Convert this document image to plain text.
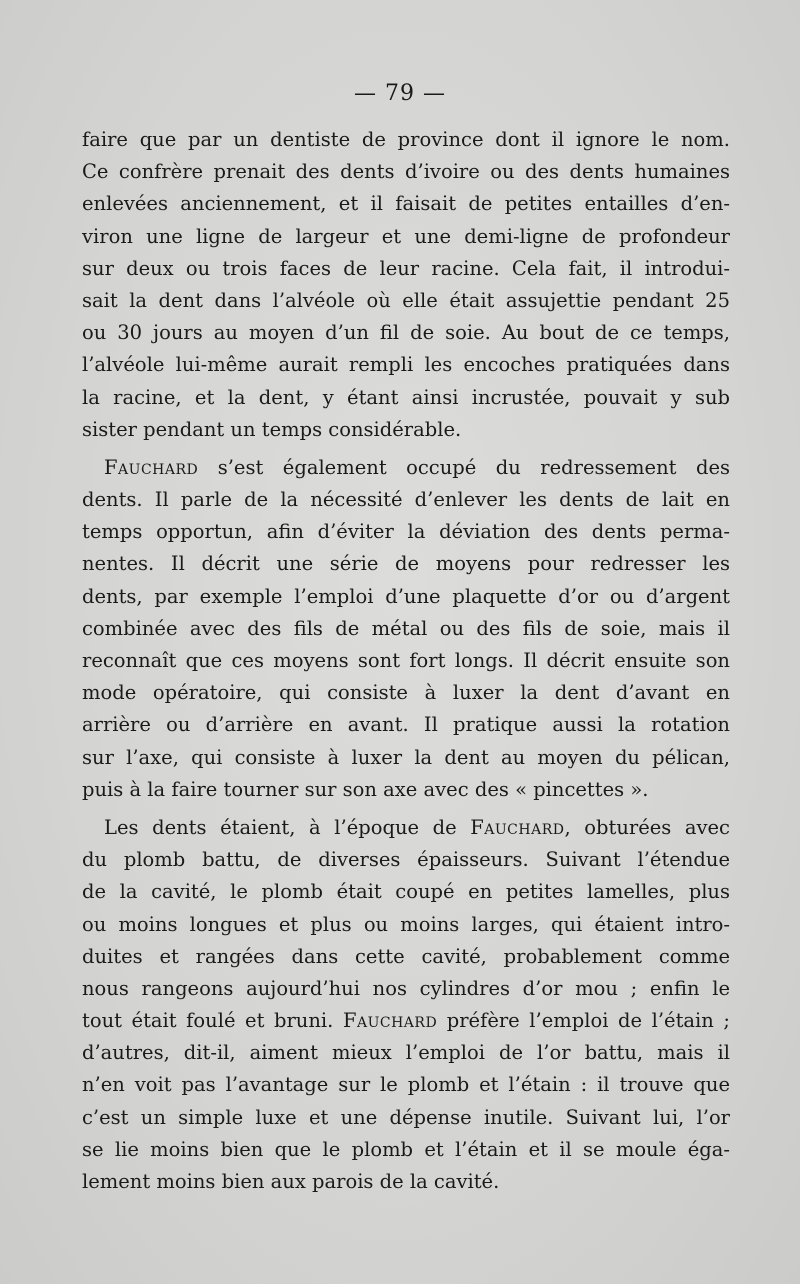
— 79 —
faire que par un dentiste de province dont il ignore le nom.
Ce confrère prenait des dents d’ivoire ou des dents humaines
enlevées anciennement, et il faisait de petites entailles d’en-
viron une ligne de largeur et une demi-ligne de profondeur
sur deux ou trois faces de leur racine. Cela fait, il introdui-
sait la dent dans l’alvéole où elle était assujettie pendant 25
ou 30 jours au moyen d’un fil de soie. Au bout de ce temps,
l’alvéole lui-même aurait rempli les encoches pratiquées dans
la racine, et la dent, y étant ainsi incrustée, pouvait y sub
sister pendant un temps considérable.
Fauchard s’est également occupé du redressement des
dents. Il parle de la nécessité d’enlever les dents de lait en
temps opportun, afin d’éviter la déviation des dents perma-
nentes. Il décrit une série de moyens pour redresser les
dents, par exemple l’emploi d’une plaquette d’or ou d’argent
combinée avec des fils de métal ou des fils de soie, mais il
reconnaît que ces moyens sont fort longs. Il décrit ensuite son
mode opératoire, qui consiste à luxer la dent d’avant en
arrière ou d’arrière en avant. Il pratique aussi la rotation
sur l’axe, qui consiste à luxer la dent au moyen du pélican,
puis à la faire tourner sur son axe avec des « pincettes ».
Les dents étaient, à l’époque de Fauchard, obturées avec
du plomb battu, de diverses épaisseurs. Suivant l’étendue
de la cavité, le plomb était coupé en petites lamelles, plus
ou moins longues et plus ou moins larges, qui étaient intro-
duites et rangées dans cette cavité, probablement comme
nous rangeons aujourd’hui nos cylindres d’or mou ; enfin le
tout était foulé et bruni. Fauchard préfère l’emploi de l’étain ;
d’autres, dit-il, aiment mieux l’emploi de l’or battu, mais il
n’en voit pas l’avantage sur le plomb et l’étain : il trouve que
c’est un simple luxe et une dépense inutile. Suivant lui, l’or
se lie moins bien que le plomb et l’étain et il se moule éga-
lement moins bien aux parois de la cavité.
